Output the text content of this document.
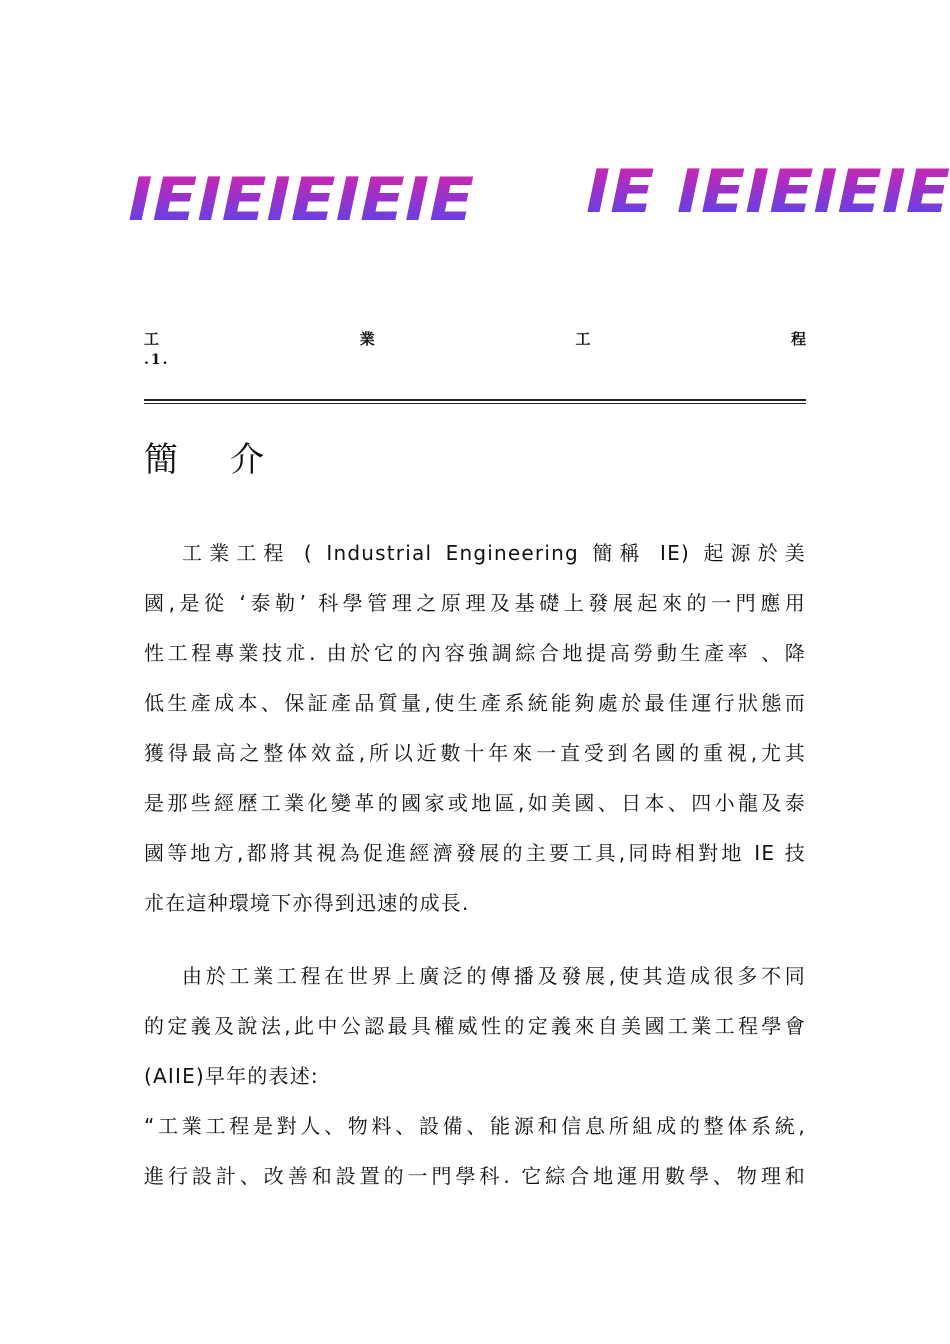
IEIEIEIEIE IE IEIEIEIE
工	業	工	程
.1.
簡介
工業工程 ( Industrial Engineering 簡稱 IE) 起源於美
國,是從 ‘泰勒’ 科學管理之原理及基礎上發展起來的一門應用
性工程專業技朮. 由於它的內容強調綜合地提高勞動生產率 、降
低生產成本、保証產品質量,使生產系統能夠處於最佳運行狀態而
獲得最高之整体效益,所以近數十年來一直受到名國的重視,尤其
是那些經歷工業化變革的國家或地區,如美國、日本、四小龍及泰
國等地方,都將其視為促進經濟發展的主要工具,同時相對地 IE 技
朮在這种環境下亦得到迅速的成長.
由於工業工程在世界上廣泛的傳播及發展,使其造成很多不同
的定義及說法,此中公認最具權威性的定義來自美國工業工程學會
(AIIE)早年的表述:
“工業工程是對人、物料、設備、能源和信息所組成的整体系統,
進行設計、改善和設置的一門學科. 它綜合地運用數學、物理和
